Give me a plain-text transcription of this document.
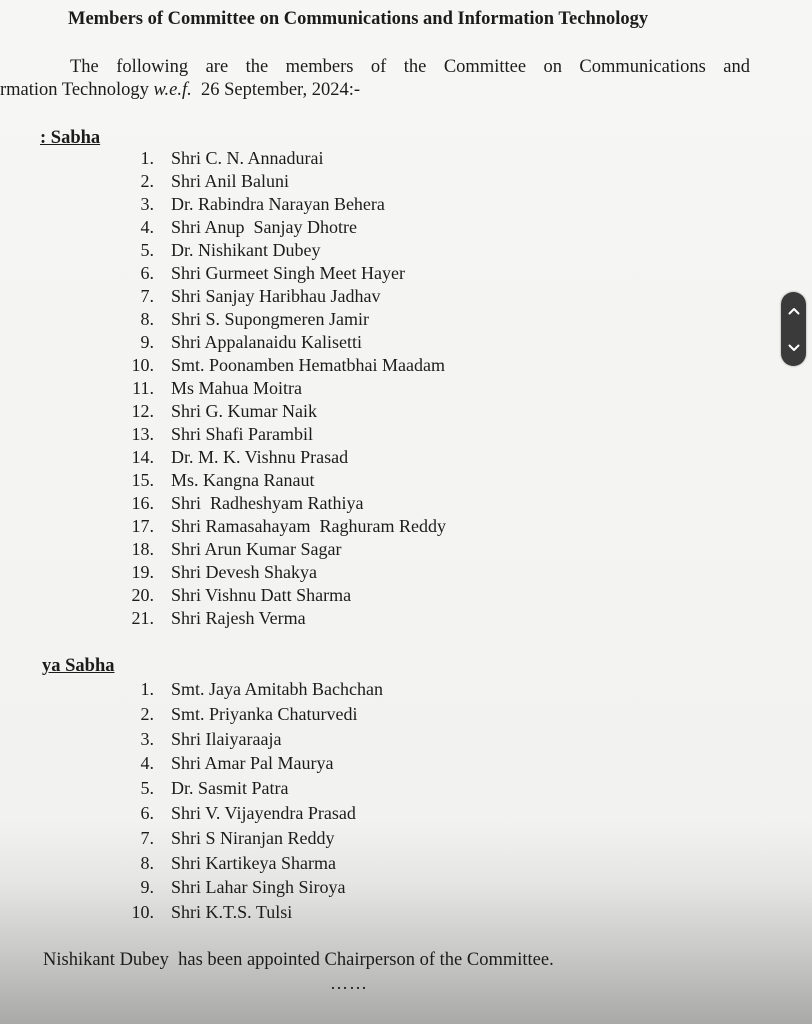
Members of Committee on Communications and Information Technology
The following are the members of the Committee on Communications and
rmation Technology w.e.f.  26 September, 2024:-
: Sabha
1. Shri C. N. Annadurai
2. Shri Anil Baluni
3. Dr. Rabindra Narayan Behera
4. Shri Anup  Sanjay Dhotre
5. Dr. Nishikant Dubey
6. Shri Gurmeet Singh Meet Hayer
7. Shri Sanjay Haribhau Jadhav
8. Shri S. Supongmeren Jamir
9. Shri Appalanaidu Kalisetti
10. Smt. Poonamben Hematbhai Maadam
11. Ms Mahua Moitra
12. Shri G. Kumar Naik
13. Shri Shafi Parambil
14. Dr. M. K. Vishnu Prasad
15. Ms. Kangna Ranaut
16. Shri  Radheshyam Rathiya
17. Shri Ramasahayam  Raghuram Reddy
18. Shri Arun Kumar Sagar
19. Shri Devesh Shakya
20. Shri Vishnu Datt Sharma
21. Shri Rajesh Verma
ya Sabha
1. Smt. Jaya Amitabh Bachchan
2. Smt. Priyanka Chaturvedi
3. Shri Ilaiyaraaja
4. Shri Amar Pal Maurya
5. Dr. Sasmit Patra
6. Shri V. Vijayendra Prasad
7. Shri S Niranjan Reddy
8. Shri Kartikeya Sharma
9. Shri Lahar Singh Siroya
10. Shri K.T.S. Tulsi
Nishikant Dubey  has been appointed Chairperson of the Committee.
……
